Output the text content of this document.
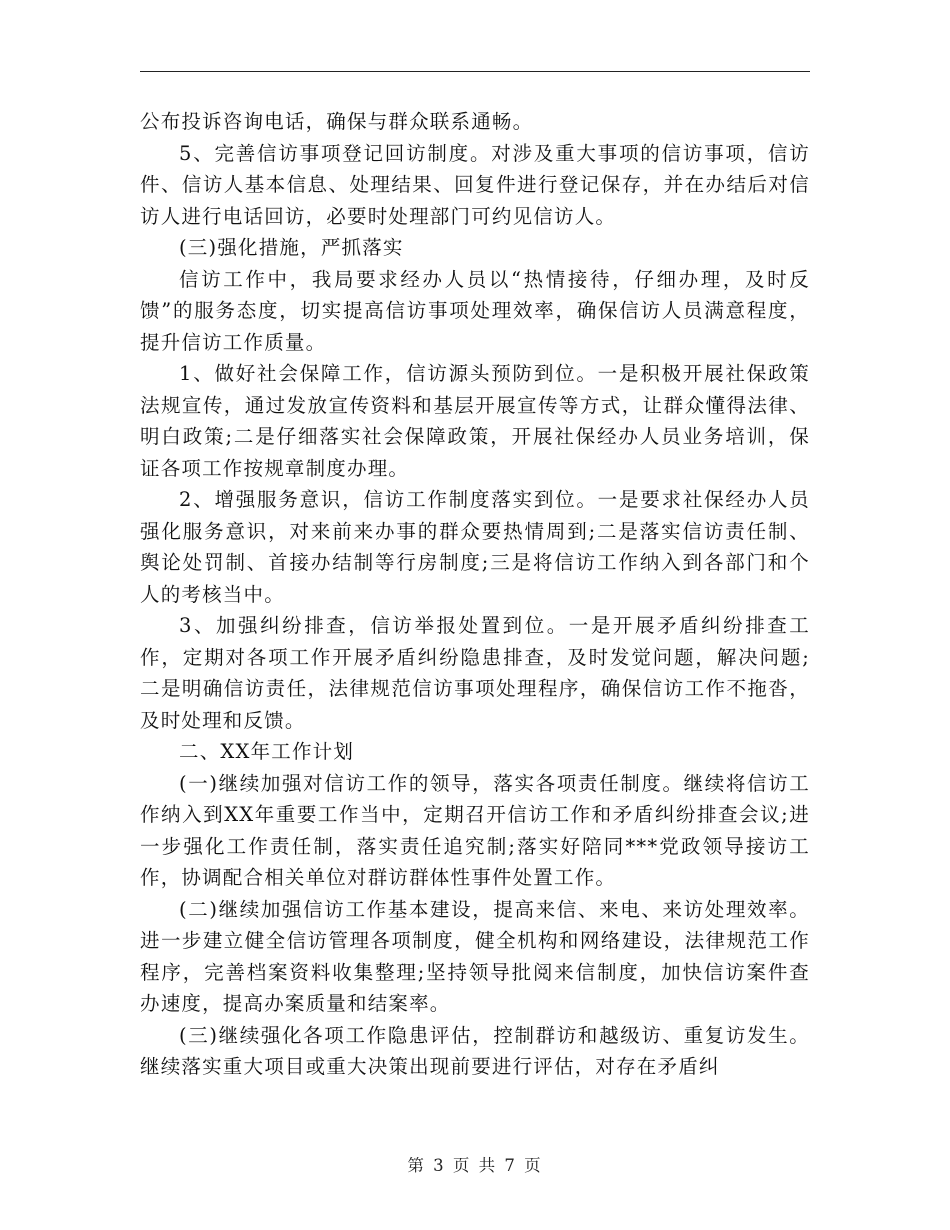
公布投诉咨询电话，确保与群众联系通畅。

5、完善信访事项登记回访制度。对涉及重大事项的信访事项，信访件、信访人基本信息、处理结果、回复件进行登记保存，并在办结后对信访人进行电话回访，必要时处理部门可约见信访人。

(三)强化措施，严抓落实

信访工作中，我局要求经办人员以“热情接待，仔细办理，及时反馈”的服务态度，切实提高信访事项处理效率，确保信访人员满意程度，提升信访工作质量。

1、做好社会保障工作，信访源头预防到位。一是积极开展社保政策法规宣传，通过发放宣传资料和基层开展宣传等方式，让群众懂得法律、明白政策;二是仔细落实社会保障政策，开展社保经办人员业务培训，保证各项工作按规章制度办理。

2、增强服务意识，信访工作制度落实到位。一是要求社保经办人员强化服务意识，对来前来办事的群众要热情周到;二是落实信访责任制、舆论处罚制、首接办结制等行房制度;三是将信访工作纳入到各部门和个人的考核当中。

3、加强纠纷排查，信访举报处置到位。一是开展矛盾纠纷排查工作，定期对各项工作开展矛盾纠纷隐患排查，及时发觉问题，解决问题;二是明确信访责任，法律规范信访事项处理程序，确保信访工作不拖沓，及时处理和反馈。

二、XX年工作计划

(一)继续加强对信访工作的领导，落实各项责任制度。继续将信访工作纳入到XX年重要工作当中，定期召开信访工作和矛盾纠纷排查会议;进一步强化工作责任制，落实责任追究制;落实好陪同***党政领导接访工作，协调配合相关单位对群访群体性事件处置工作。

(二)继续加强信访工作基本建设，提高来信、来电、来访处理效率。进一步建立健全信访管理各项制度，健全机构和网络建设，法律规范工作程序，完善档案资料收集整理;坚持领导批阅来信制度，加快信访案件查办速度，提高办案质量和结案率。

(三)继续强化各项工作隐患评估，控制群访和越级访、重复访发生。继续落实重大项目或重大决策出现前要进行评估，对存在矛盾纠

第 3 页 共 7 页
